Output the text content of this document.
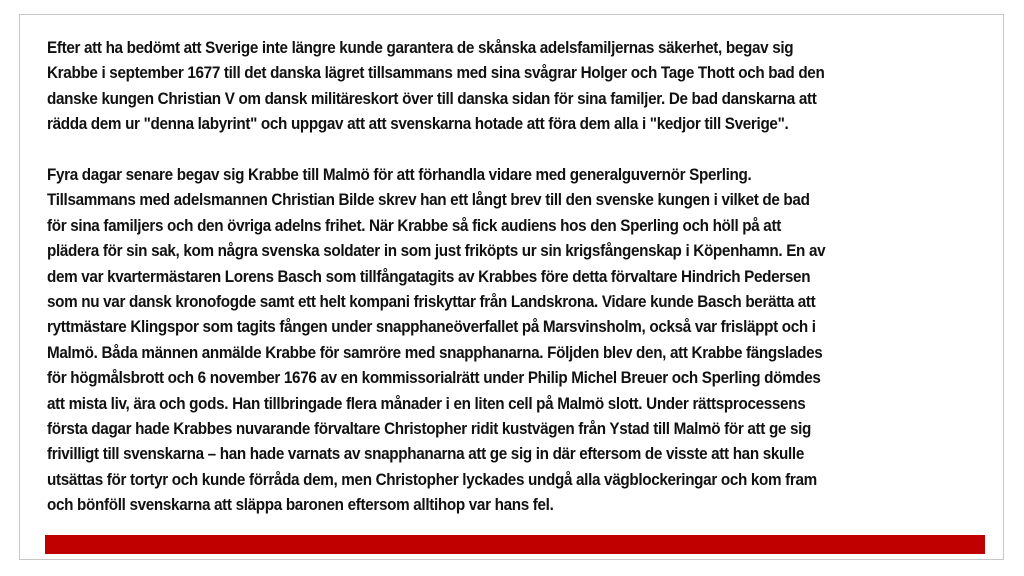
Efter att ha bedömt att Sverige inte längre kunde garantera de skånska adelsfamiljernas säkerhet, begav sig
Krabbe i september 1677 till det danska lägret tillsammans med sina svågrar Holger och Tage Thott och bad den
danske kungen Christian V om dansk militäreskort över till danska sidan för sina familjer. De bad danskarna att
rädda dem ur "denna labyrint" och uppgav att att svenskarna hotade att föra dem alla i "kedjor till Sverige".

Fyra dagar senare begav sig Krabbe till Malmö för att förhandla vidare med generalguvernör Sperling.
Tillsammans med adelsmannen Christian Bilde skrev han ett långt brev till den svenske kungen i vilket de bad
för sina familjers och den övriga adelns frihet. När Krabbe så fick audiens hos den Sperling och höll på att
plädera för sin sak, kom några svenska soldater in som just friköpts ur sin krigsfångenskap i Köpenhamn. En av
dem var kvartermästaren Lorens Basch som tillfångatagits av Krabbes före detta förvaltare Hindrich Pedersen
som nu var dansk kronofogde samt ett helt kompani friskyttar från Landskrona. Vidare kunde Basch berätta att
ryttmästare Klingspor som tagits fången under snapphaneöverfallet på Marsvinsholm, också var frisläppt och i
Malmö. Båda männen anmälde Krabbe för samröre med snapphanarna. Följden blev den, att Krabbe fängslades
för högmålsbrott och 6 november 1676 av en kommissorialrätt under Philip Michel Breuer och Sperling dömdes
att mista liv, ära och gods. Han tillbringade flera månader i en liten cell på Malmö slott. Under rättsprocessens
första dagar hade Krabbes nuvarande förvaltare Christopher ridit kustvägen från Ystad till Malmö för att ge sig
frivilligt till svenskarna – han hade varnats av snapphanarna att ge sig in där eftersom de visste att han skulle
utsättas för tortyr och kunde förråda dem, men Christopher lyckades undgå alla vägblockeringar och kom fram
och bönföll svenskarna att släppa baronen eftersom alltihop var hans fel.
